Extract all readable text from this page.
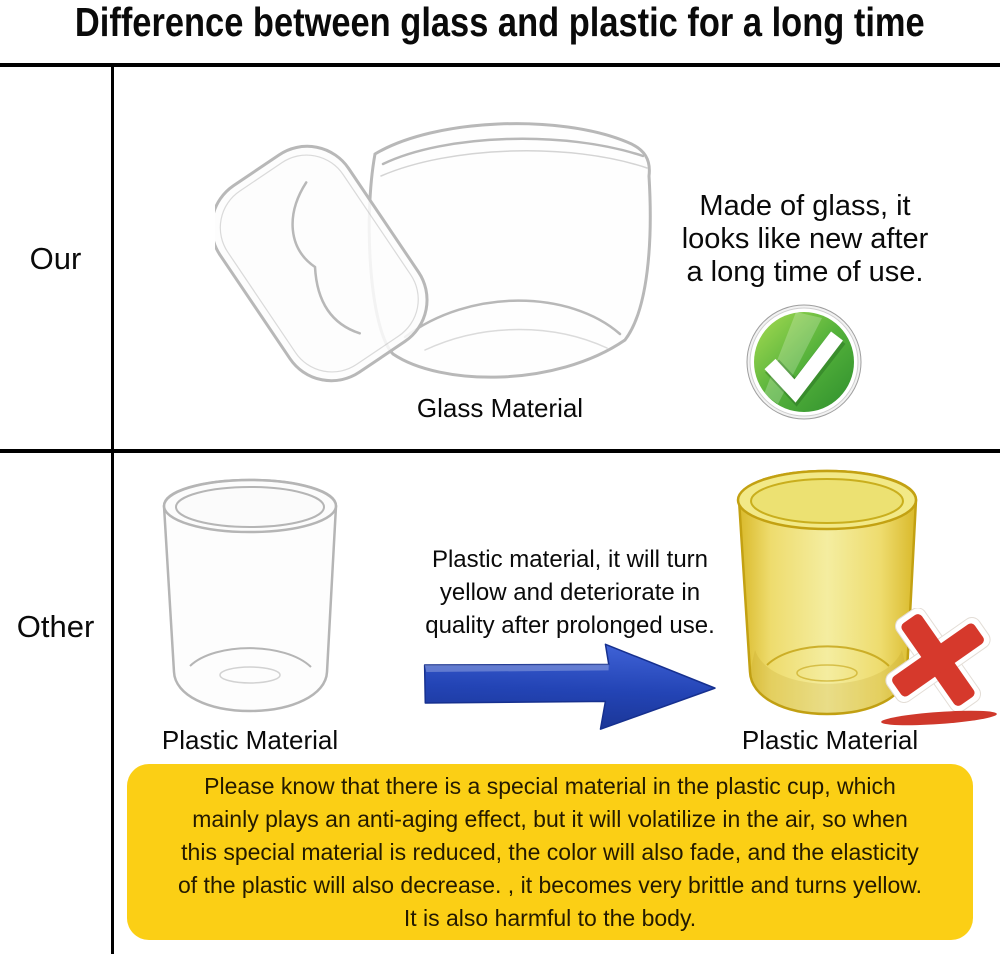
Difference between glass and plastic for a long time
Our
Other
Glass Material
Made of glass, it
looks like new after
a long time of use.
Plastic Material
Plastic material, it will turn
yellow and deteriorate in
quality after prolonged use.
Plastic Material
Please know that there is a special material in the plastic cup, which
mainly plays an anti-aging effect, but it will volatilize in the air, so when
this special material is reduced, the color will also fade, and the elasticity
of the plastic will also decrease. , it becomes very brittle and turns yellow.
It is also harmful to the body.
